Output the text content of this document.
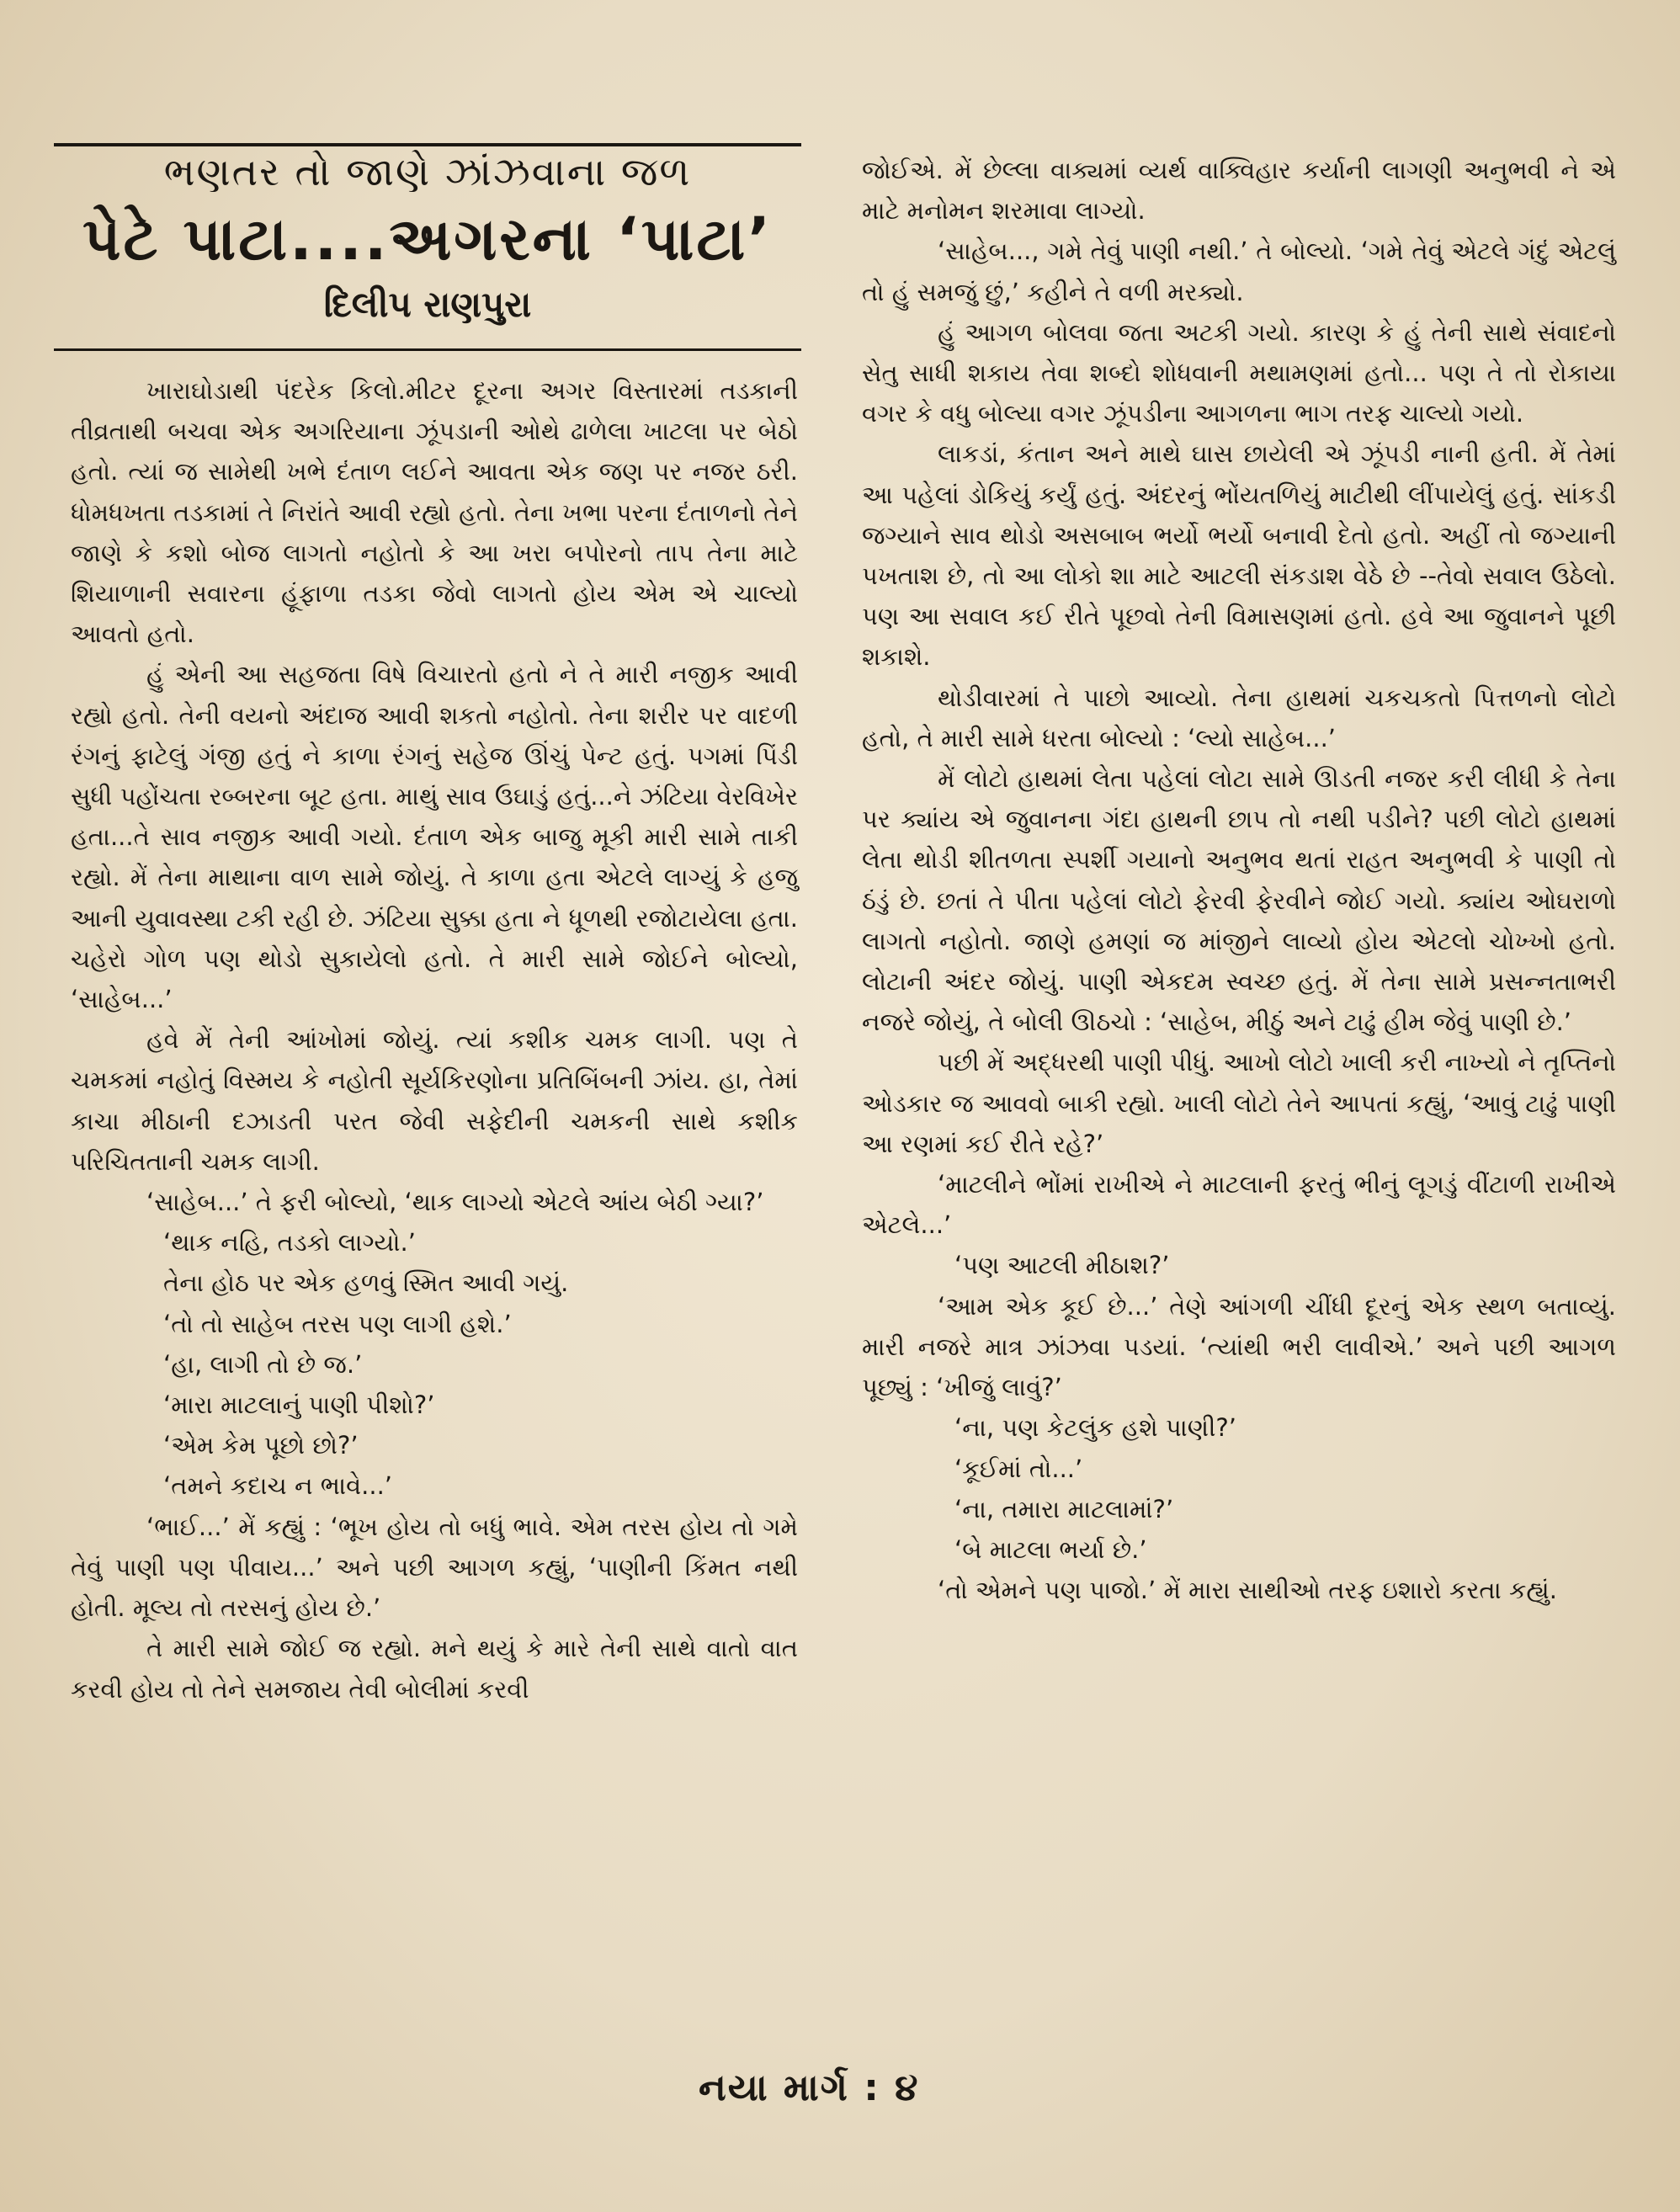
ભણતર તો જાણે ઝાંઝવાના જળ
પેટે પાટા....અગરના ‘પાટા’
દિલીપ રાણપુરા

ખારાઘોડાથી પંદરેક કિલો.મીટર દૂરના અગર વિસ્તારમાં તડકાની તીવ્રતાથી બચવા એક અગરિયાના ઝૂંપડાની ઓથે ઢાળેલા ખાટલા પર બેઠો હતો. ત્યાં જ સામેથી ખભે દંતાળ લઈને આવતા એક જણ પર નજર ઠરી. ધોમધખતા તડકામાં તે નિરાંતે આવી રહ્યો હતો. તેના ખભા પરના દંતાળનો તેને જાણે કે કશો બોજ લાગતો નહોતો કે આ ખરા બપોરનો તાપ તેના માટે શિયાળાની સવારના હૂંફાળા તડકા જેવો લાગતો હોય એમ એ ચાલ્યો આવતો હતો.

હું એની આ સહજતા વિષે વિચારતો હતો ને તે મારી નજીક આવી રહ્યો હતો. તેની વયનો અંદાજ આવી શકતો નહોતો. તેના શરીર પર વાદળી રંગનું ફાટેલું ગંજી હતું ને કાળા રંગનું સહેજ ઊંચું પેન્ટ હતું. પગમાં પિંડી સુધી પહોંચતા રબ્બરના બૂટ હતા. માથું સાવ ઉઘાડું હતું...ને ઝંટિયા વેરવિખેર હતા...તે સાવ નજીક આવી ગયો. દંતાળ એક બાજુ મૂકી મારી સામે તાકી રહ્યો. મેં તેના માથાના વાળ સામે જોયું. તે કાળા હતા એટલે લાગ્યું કે હજુ આની યુવાવસ્થા ટકી રહી છે. ઝંટિયા સુક્કા હતા ને ધૂળથી રજોટાયેલા હતા. ચહેરો ગોળ પણ થોડો સુકાયેલો હતો. તે મારી સામે જોઈને બોલ્યો, ‘સાહેબ...’

હવે મેં તેની આંખોમાં જોયું. ત્યાં કશીક ચમક લાગી. પણ તે ચમકમાં નહોતું વિસ્મય કે નહોતી સૂર્યકિરણોના પ્રતિબિંબની ઝાંય. હા, તેમાં કાચા મીઠાની દઝાડતી પરત જેવી સફેદીની ચમકની સાથે કશીક પરિચિતતાની ચમક લાગી.

‘સાહેબ...’ તે ફરી બોલ્યો, ‘થાક લાગ્યો એટલે આંય બેઠી ગ્યા?’

‘થાક નહિ, તડકો લાગ્યો.’

તેના હોઠ પર એક હળવું સ્મિત આવી ગયું.

‘તો તો સાહેબ તરસ પણ લાગી હશે.’

‘હા, લાગી તો છે જ.’

‘મારા માટલાનું પાણી પીશો?’

‘એમ કેમ પૂછો છો?’

‘તમને કદાચ ન ભાવે...’

‘ભાઈ...’ મેં કહ્યું : ‘ભૂખ હોય તો બધું ભાવે. એમ તરસ હોય તો ગમે તેવું પાણી પણ પીવાય...’ અને પછી આગળ કહ્યું, ‘પાણીની કિંમત નથી હોતી. મૂલ્ય તો તરસનું હોય છે.’

તે મારી સામે જોઈ જ રહ્યો. મને થયું કે મારે તેની સાથે વાતો વાત કરવી હોય તો તેને સમજાય તેવી બોલીમાં કરવી

જોઈએ. મેં છેલ્લા વાક્યમાં વ્યર્થ વાક્વિહાર કર્યાની લાગણી અનુભવી ને એ માટે મનોમન શરમાવા લાગ્યો.

‘સાહેબ..., ગમે તેવું પાણી નથી.’ તે બોલ્યો. ‘ગમે તેવું એટલે ગંદું એટલું તો હું સમજું છું,’ કહીને તે વળી મરક્યો.

હું આગળ બોલવા જતા અટકી ગયો. કારણ કે હું તેની સાથે સંવાદનો સેતુ સાધી શકાય તેવા શબ્દો શોધવાની મથામણમાં હતો... પણ તે તો રોકાયા વગર કે વધુ બોલ્યા વગર ઝૂંપડીના આગળના ભાગ તરફ ચાલ્યો ગયો.

લાકડાં, કંતાન અને માથે ઘાસ છાયેલી એ ઝૂંપડી નાની હતી. મેં તેમાં આ પહેલાં ડોકિયું કર્યું હતું. અંદરનું ભોંયતળિયું માટીથી લીંપાયેલું હતું. સાંકડી જગ્યાને સાવ થોડો અસબાબ ભર્યો ભર્યો બનાવી દેતો હતો. અહીં તો જગ્યાની પખતાશ છે, તો આ લોકો શા માટે આટલી સંકડાશ વેઠે છે --તેવો સવાલ ઉઠેલો. પણ આ સવાલ કઈ રીતે પૂછવો તેની વિમાસણમાં હતો. હવે આ જુવાનને પૂછી શકાશે.

થોડીવારમાં તે પાછો આવ્યો. તેના હાથમાં ચકચકતો પિત્તળનો લોટો હતો, તે મારી સામે ધરતા બોલ્યો : ‘લ્યો સાહેબ...’

મેં લોટો હાથમાં લેતા પહેલાં લોટા સામે ઊડતી નજર કરી લીધી કે તેના પર ક્યાંય એ જુવાનના ગંદા હાથની છાપ તો નથી પડીને? પછી લોટો હાથમાં લેતા થોડી શીતળતા સ્પર્શી ગયાનો અનુભવ થતાં રાહત અનુભવી કે પાણી તો ઠંડું છે. છતાં તે પીતા પહેલાં લોટો ફેરવી ફેરવીને જોઈ ગયો. ક્યાંય ઓઘરાળો લાગતો નહોતો. જાણે હમણાં જ માંજીને લાવ્યો હોય એટલો ચોખ્ખો હતો. લોટાની અંદર જોયું. પાણી એકદમ સ્વચ્છ હતું. મેં તેના સામે પ્રસન્નતાભરી નજરે જોયું, તે બોલી ઊઠચો : ‘સાહેબ, મીઠું અને ટાઢું હીમ જેવું પાણી છે.’

પછી મેં અદ્ધરથી પાણી પીધું. આખો લોટો ખાલી કરી નાખ્યો ને તૃપ્તિનો ઓડકાર જ આવવો બાકી રહ્યો. ખાલી લોટો તેને આપતાં કહ્યું, ‘આવું ટાઢું પાણી આ રણમાં કઈ રીતે રહે?’

‘માટલીને ભોંમાં રાખીએ ને માટલાની ફરતું ભીનું લૂગડું વીંટાળી રાખીએ એટલે...’

‘પણ આટલી મીઠાશ?’

‘આમ એક કૂઈ છે...’ તેણે આંગળી ચીંધી દૂરનું એક સ્થળ બતાવ્યું. મારી નજરે માત્ર ઝાંઝવા પડયાં. ‘ત્યાંથી ભરી લાવીએ.’ અને પછી આગળ પૂછ્યું : ‘ખીજું લાવું?’

‘ના, પણ કેટલુંક હશે પાણી?’

‘કૂઈમાં તો...’

‘ના, તમારા માટલામાં?’

‘બે માટલા ભર્યા છે.’

‘તો એમને પણ પાજો.’ મેં મારા સાથીઓ તરફ ઇશારો કરતા કહ્યું.

નયા માર્ગ : ૪
